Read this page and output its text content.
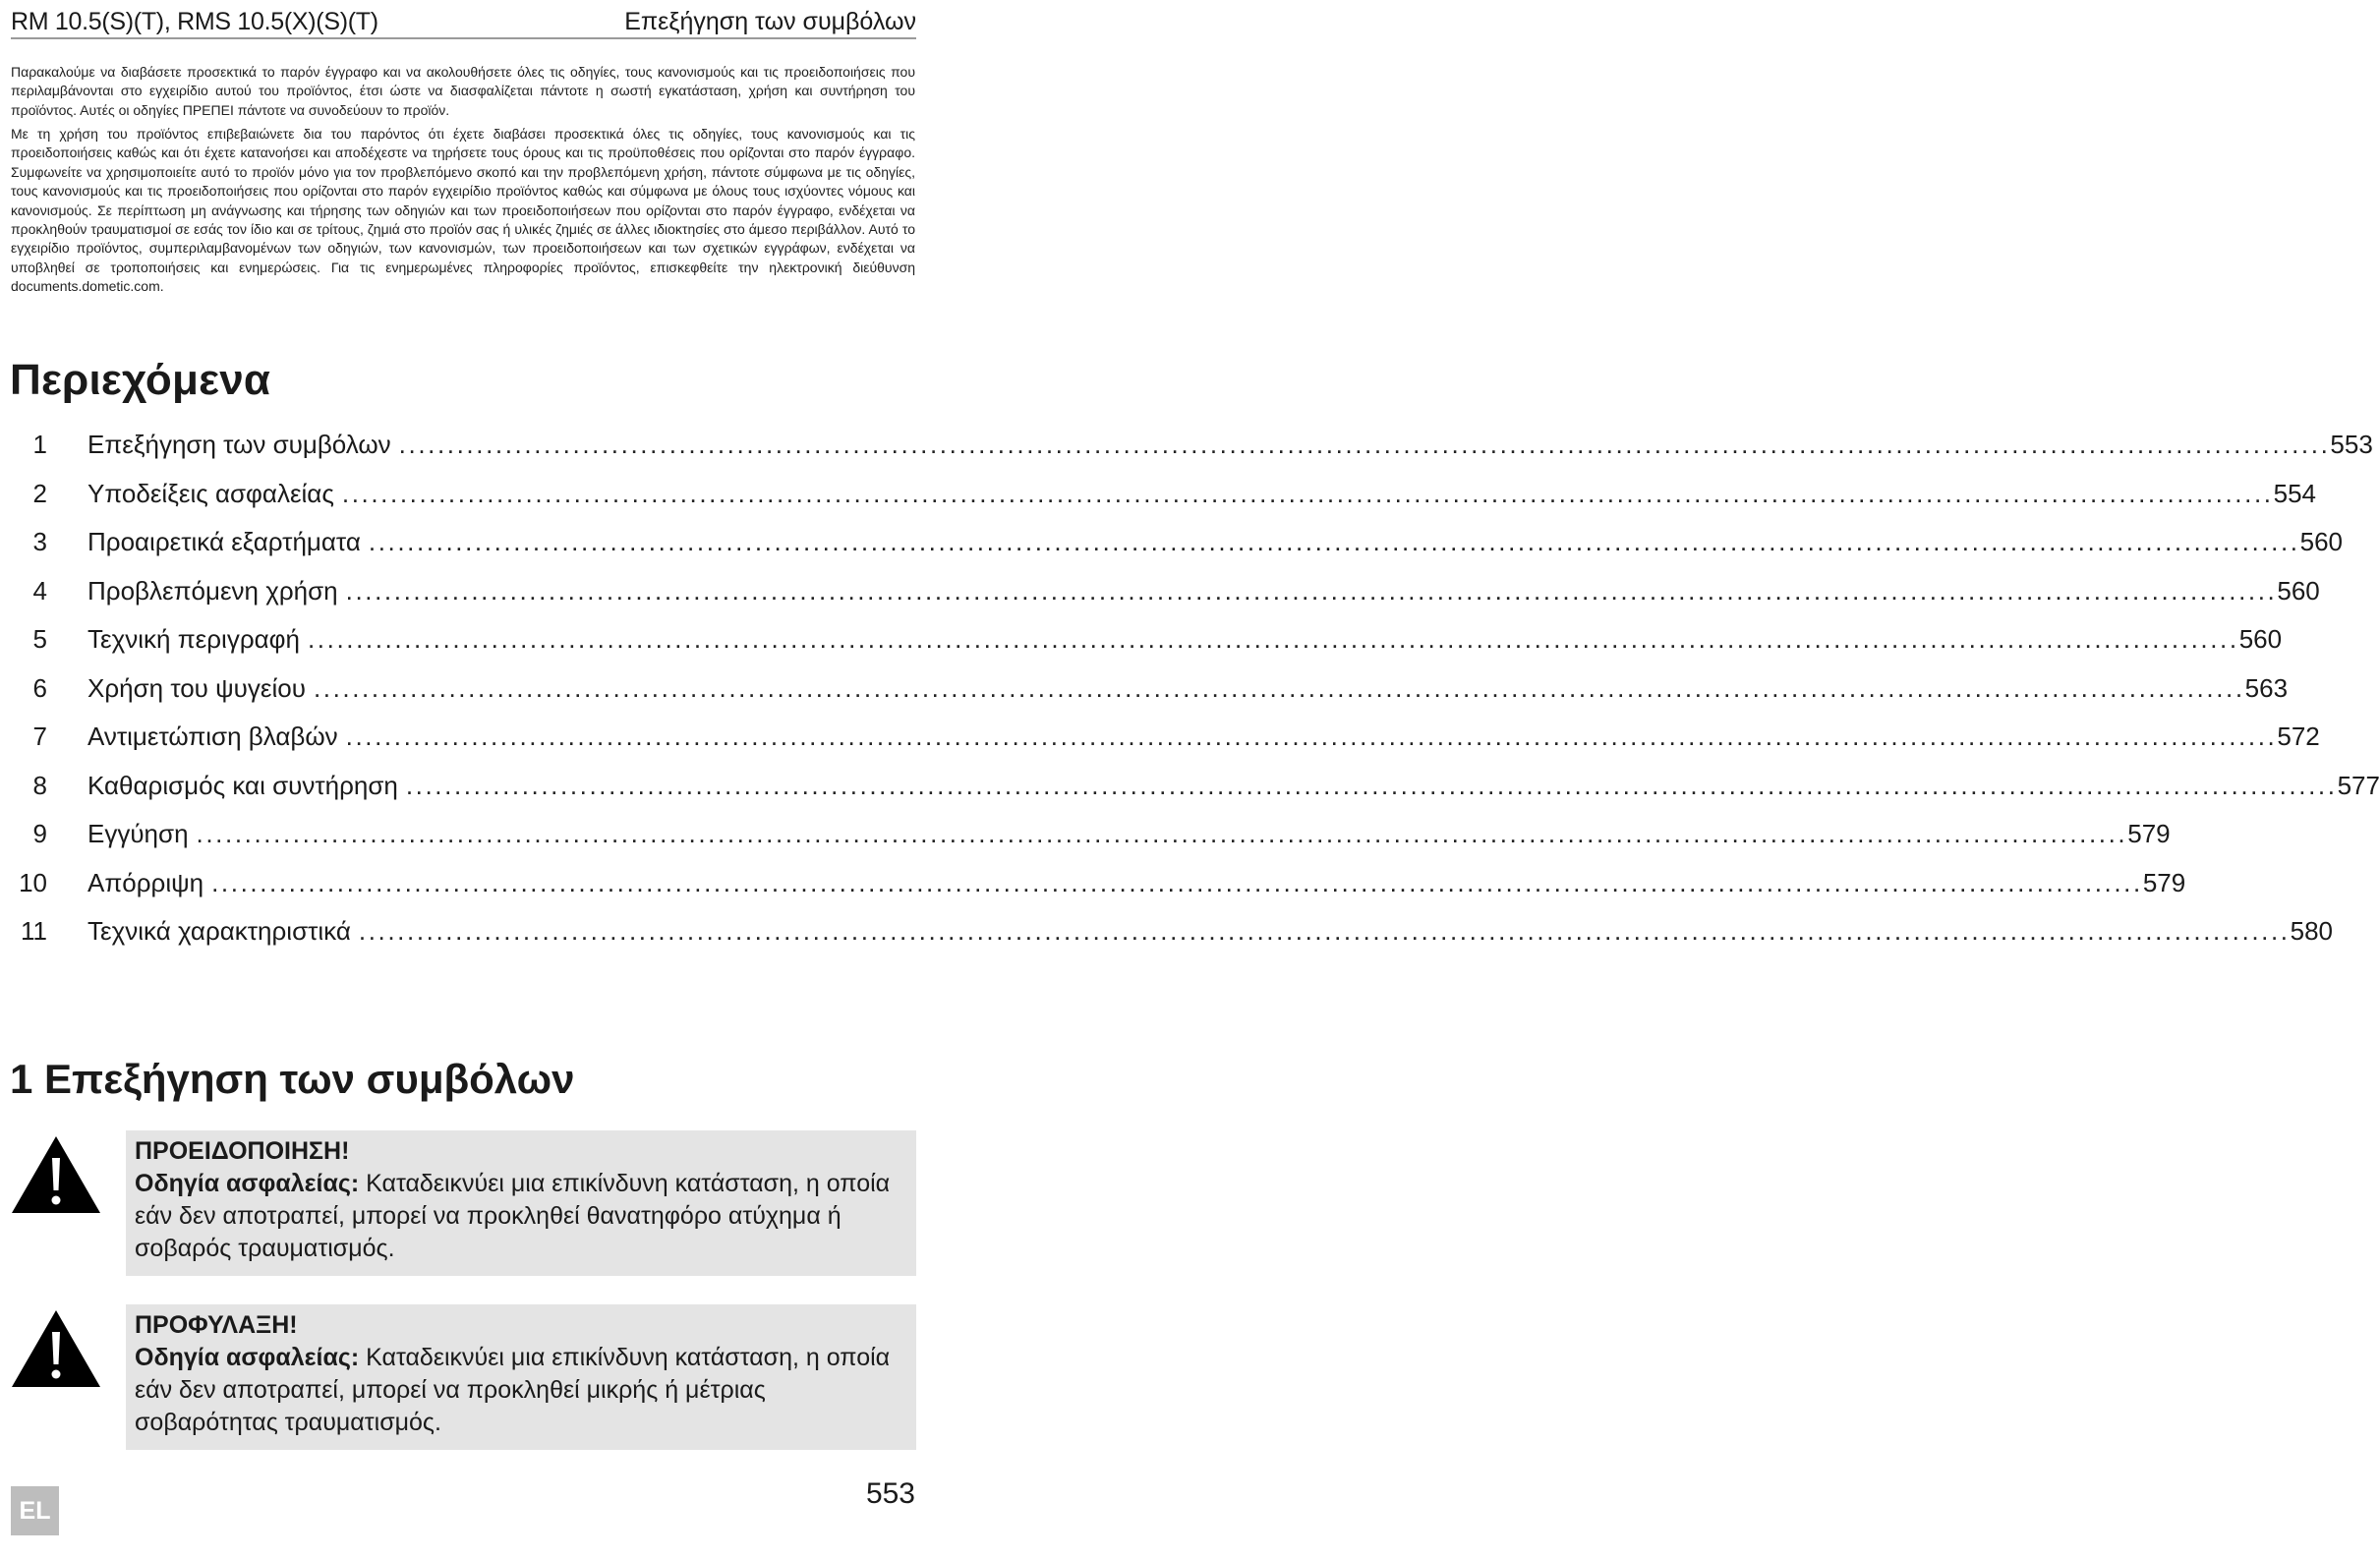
RM 10.5(S)(T), RMS 10.5(X)(S)(T)	Επεξήγηση των συμβόλων

Παρακαλούμε να διαβάσετε προσεκτικά το παρόν έγγραφο και να ακολουθήσετε όλες τις οδηγίες, τους κανονισμούς και τις προειδοποιήσεις που περιλαμβάνονται στο εγχειρίδιο αυτού του προϊόντος, έτσι ώστε να διασφαλίζεται πάντοτε η σωστή εγκατάσταση, χρήση και συντήρηση του προϊόντος. Αυτές οι οδηγίες ΠΡΕΠΕΙ πάντοτε να συνοδεύουν το προϊόν.

Με τη χρήση του προϊόντος επιβεβαιώνετε δια του παρόντος ότι έχετε διαβάσει προσεκτικά όλες τις οδηγίες, τους κανονισμούς και τις προειδοποιήσεις καθώς και ότι έχετε κατανοήσει και αποδέχεστε να τηρήσετε τους όρους και τις προϋποθέσεις που ορίζονται στο παρόν έγγραφο. Συμφωνείτε να χρησιμοποιείτε αυτό το προϊόν μόνο για τον προβλεπόμενο σκοπό και την προβλεπόμενη χρήση, πάντοτε σύμφωνα με τις οδηγίες, τους κανονισμούς και τις προειδοποιήσεις που ορίζονται στο παρόν εγχειρίδιο προϊόντος καθώς και σύμφωνα με όλους τους ισχύοντες νόμους και κανονισμούς. Σε περίπτωση μη ανάγνωσης και τήρησης των οδηγιών και των προειδοποιήσεων που ορίζονται στο παρόν έγγραφο, ενδέχεται να προκληθούν τραυματισμοί σε εσάς τον ίδιο και σε τρίτους, ζημιά στο προϊόν σας ή υλικές ζημιές σε άλλες ιδιοκτησίες στο άμεσο περιβάλλον. Αυτό το εγχειρίδιο προϊόντος, συμπεριλαμβανομένων των οδηγιών, των κανονισμών, των προειδοποιήσεων και των σχετικών εγγράφων, ενδέχεται να υποβληθεί σε τροποποιήσεις και ενημερώσεις. Για τις ενημερωμένες πληροφορίες προϊόντος, επισκεφθείτε την ηλεκτρονική διεύθυνση documents.dometic.com.

Περιεχόμενα
1 Επεξήγηση των συμβόλων ........................................................................................................................................................................................................ 553
2 Υποδείξεις ασφαλείας ........................................................................................................................................................................................................ 554
3 Προαιρετικά εξαρτήματα ........................................................................................................................................................................................................ 560
4 Προβλεπόμενη χρήση ........................................................................................................................................................................................................ 560
5 Τεχνική περιγραφή ........................................................................................................................................................................................................ 560
6 Χρήση του ψυγείου ........................................................................................................................................................................................................ 563
7 Αντιμετώπιση βλαβών ........................................................................................................................................................................................................ 572
8 Καθαρισμός και συντήρηση ........................................................................................................................................................................................................ 577
9 Εγγύηση ........................................................................................................................................................................................................ 579
10 Απόρριψη ........................................................................................................................................................................................................ 579
11 Τεχνικά χαρακτηριστικά ........................................................................................................................................................................................................ 580
1 Επεξήγηση των συμβόλων
ΠΡΟΕΙΔΟΠΟΙΗΣΗ!
Οδηγία ασφαλείας: Καταδεικνύει μια επικίνδυνη κατάσταση, η οποία εάν δεν αποτραπεί, μπορεί να προκληθεί θανατηφόρο ατύχημα ή σοβαρός τραυματισμός.
ΠΡΟΦΥΛΑΞΗ!
Οδηγία ασφαλείας: Καταδεικνύει μια επικίνδυνη κατάσταση, η οποία εάν δεν αποτραπεί, μπορεί να προκληθεί μικρής ή μέτριας σοβαρότητας τραυματισμός.
EL
553
